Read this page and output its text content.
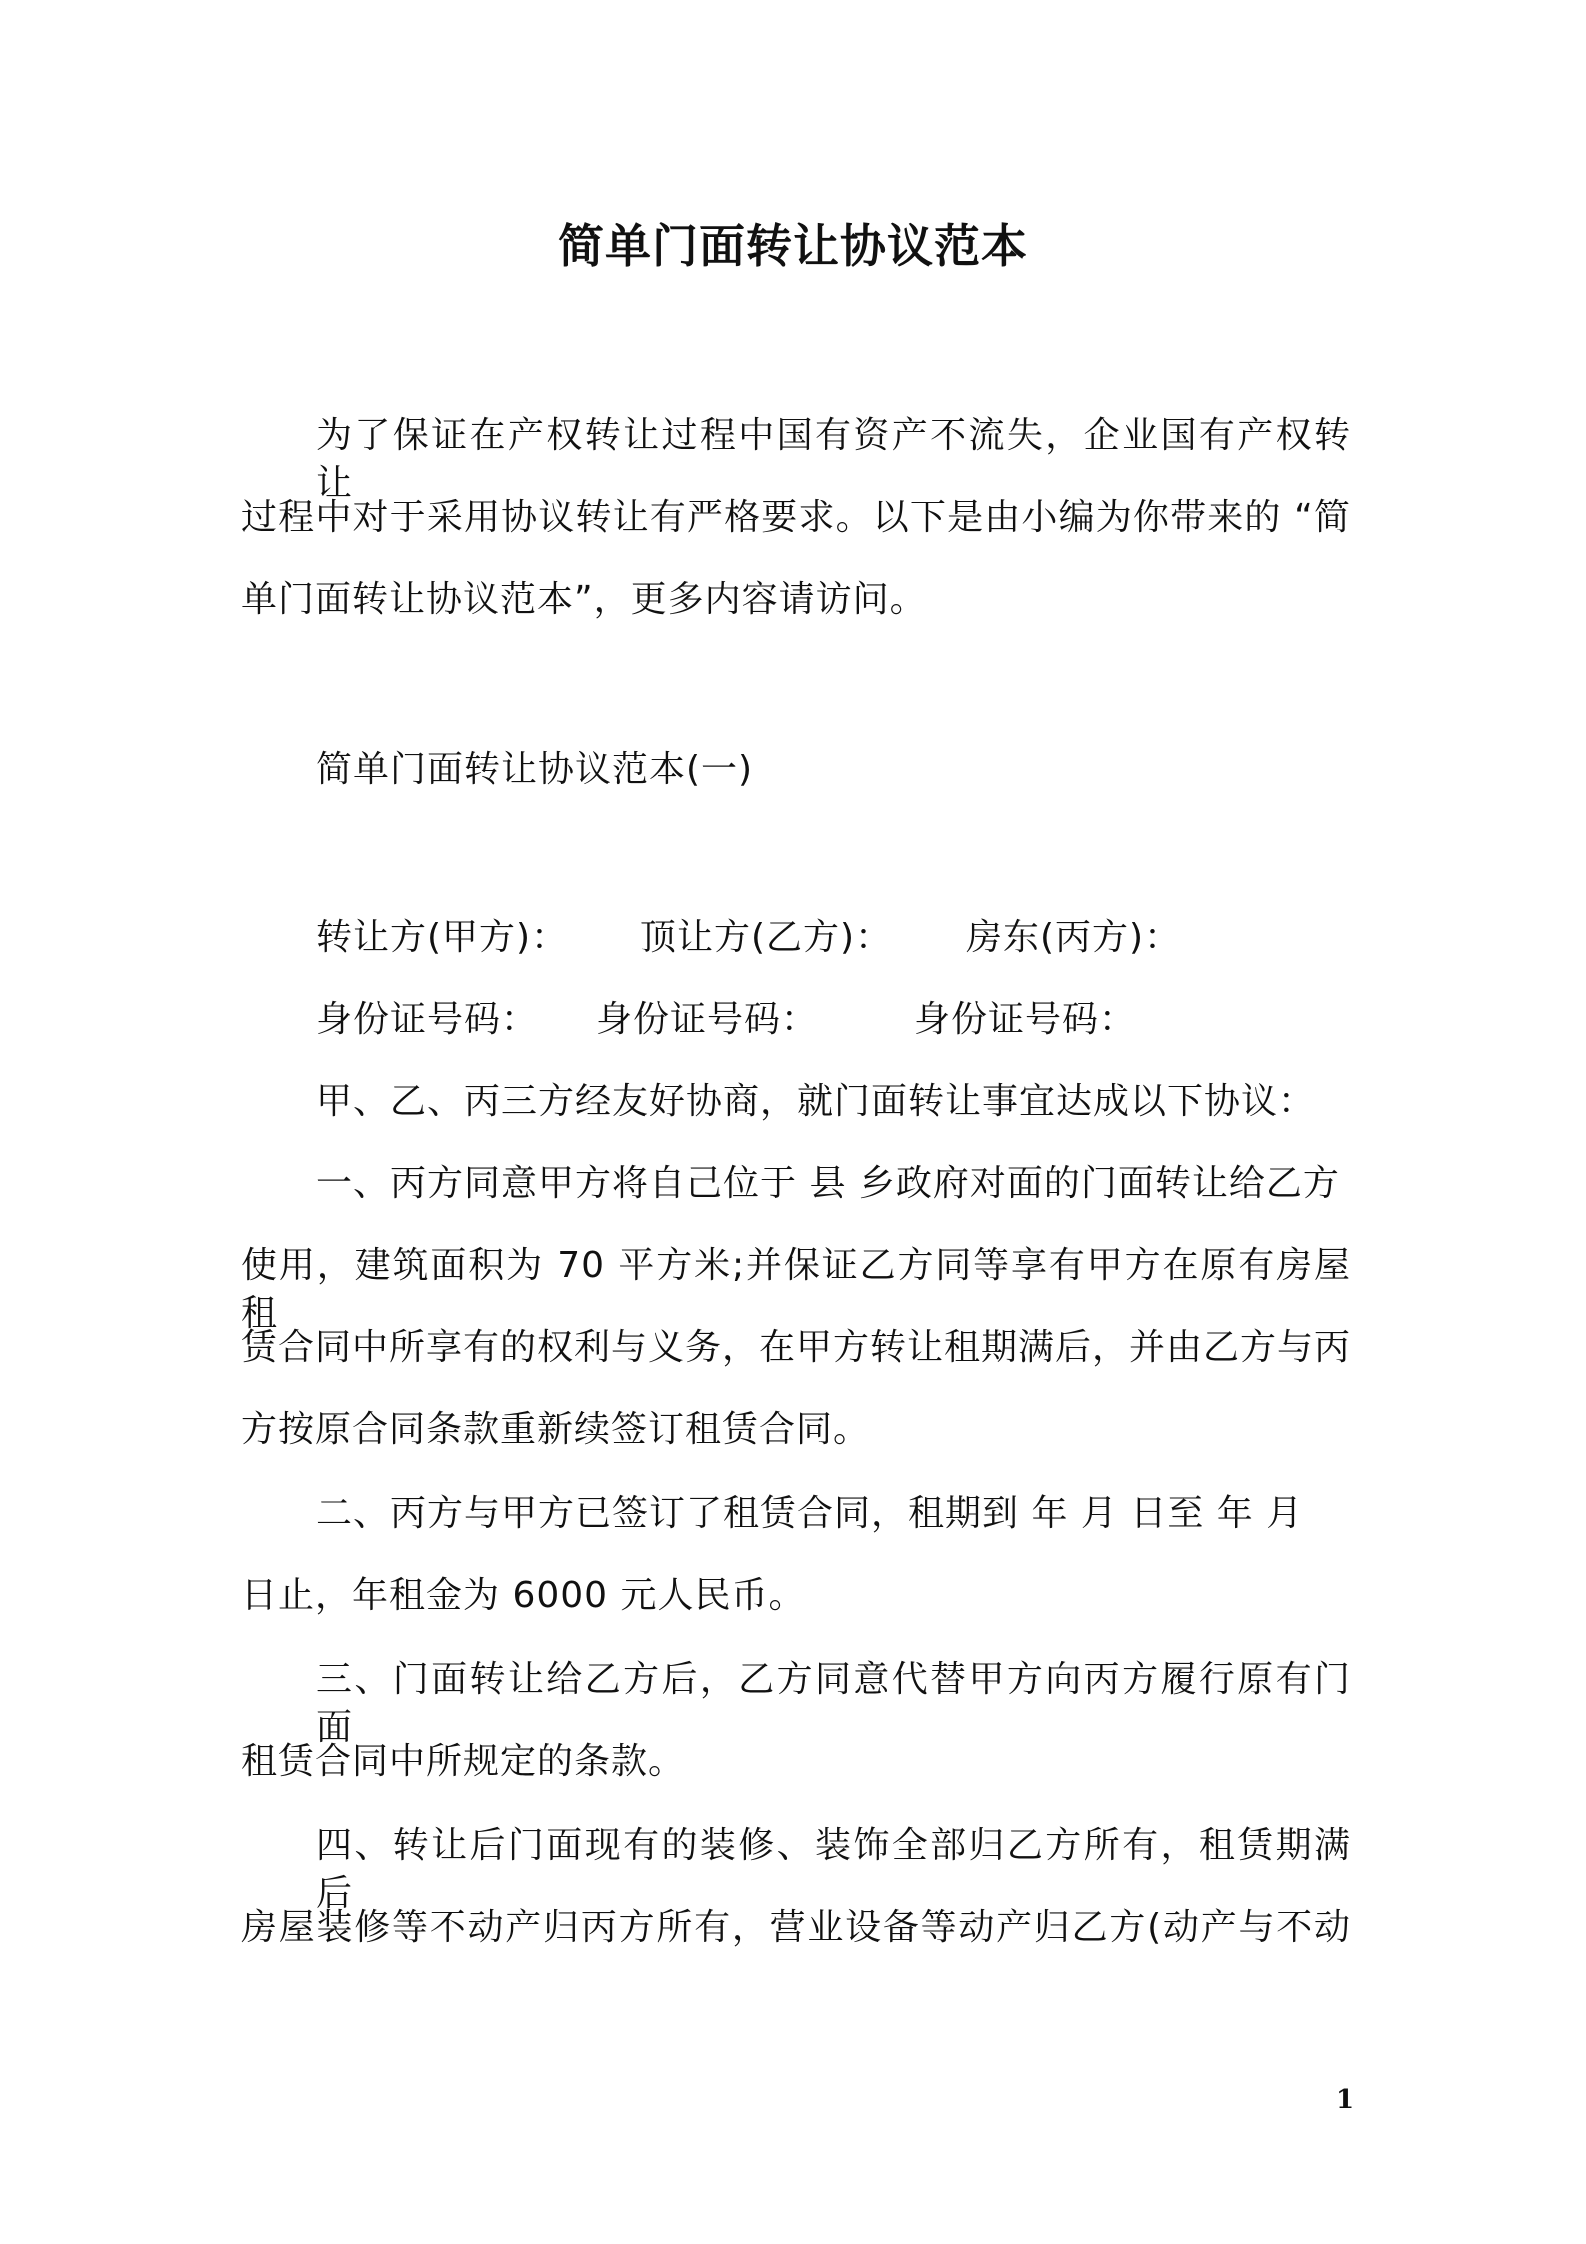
简单门面转让协议范本
为了保证在产权转让过程中国有资产不流失，企业国有产权转让
过程中对于采用协议转让有严格要求。以下是由小编为你带来的 “简
单门面转让协议范本”，更多内容请访问。
简单门面转让协议范本(一)
转让方(甲方)： 顶让方(乙方)： 房东(丙方)：
身份证号码： 身份证号码：	身份证号码：
甲、乙、丙三方经友好协商，就门面转让事宜达成以下协议：
一、丙方同意甲方将自己位于 县 乡政府对面的门面转让给乙方
使用，建筑面积为 70 平方米;并保证乙方同等享有甲方在原有房屋租
赁合同中所享有的权利与义务，在甲方转让租期满后，并由乙方与丙
方按原合同条款重新续签订租赁合同。
二、丙方与甲方已签订了租赁合同，租期到 年 月 日至 年 月
日止，年租金为 6000 元人民币。
三、门面转让给乙方后，乙方同意代替甲方向丙方履行原有门面
租赁合同中所规定的条款。
四、转让后门面现有的装修、装饰全部归乙方所有，租赁期满后
房屋装修等不动产归丙方所有，营业设备等动产归乙方(动产与不动
1
